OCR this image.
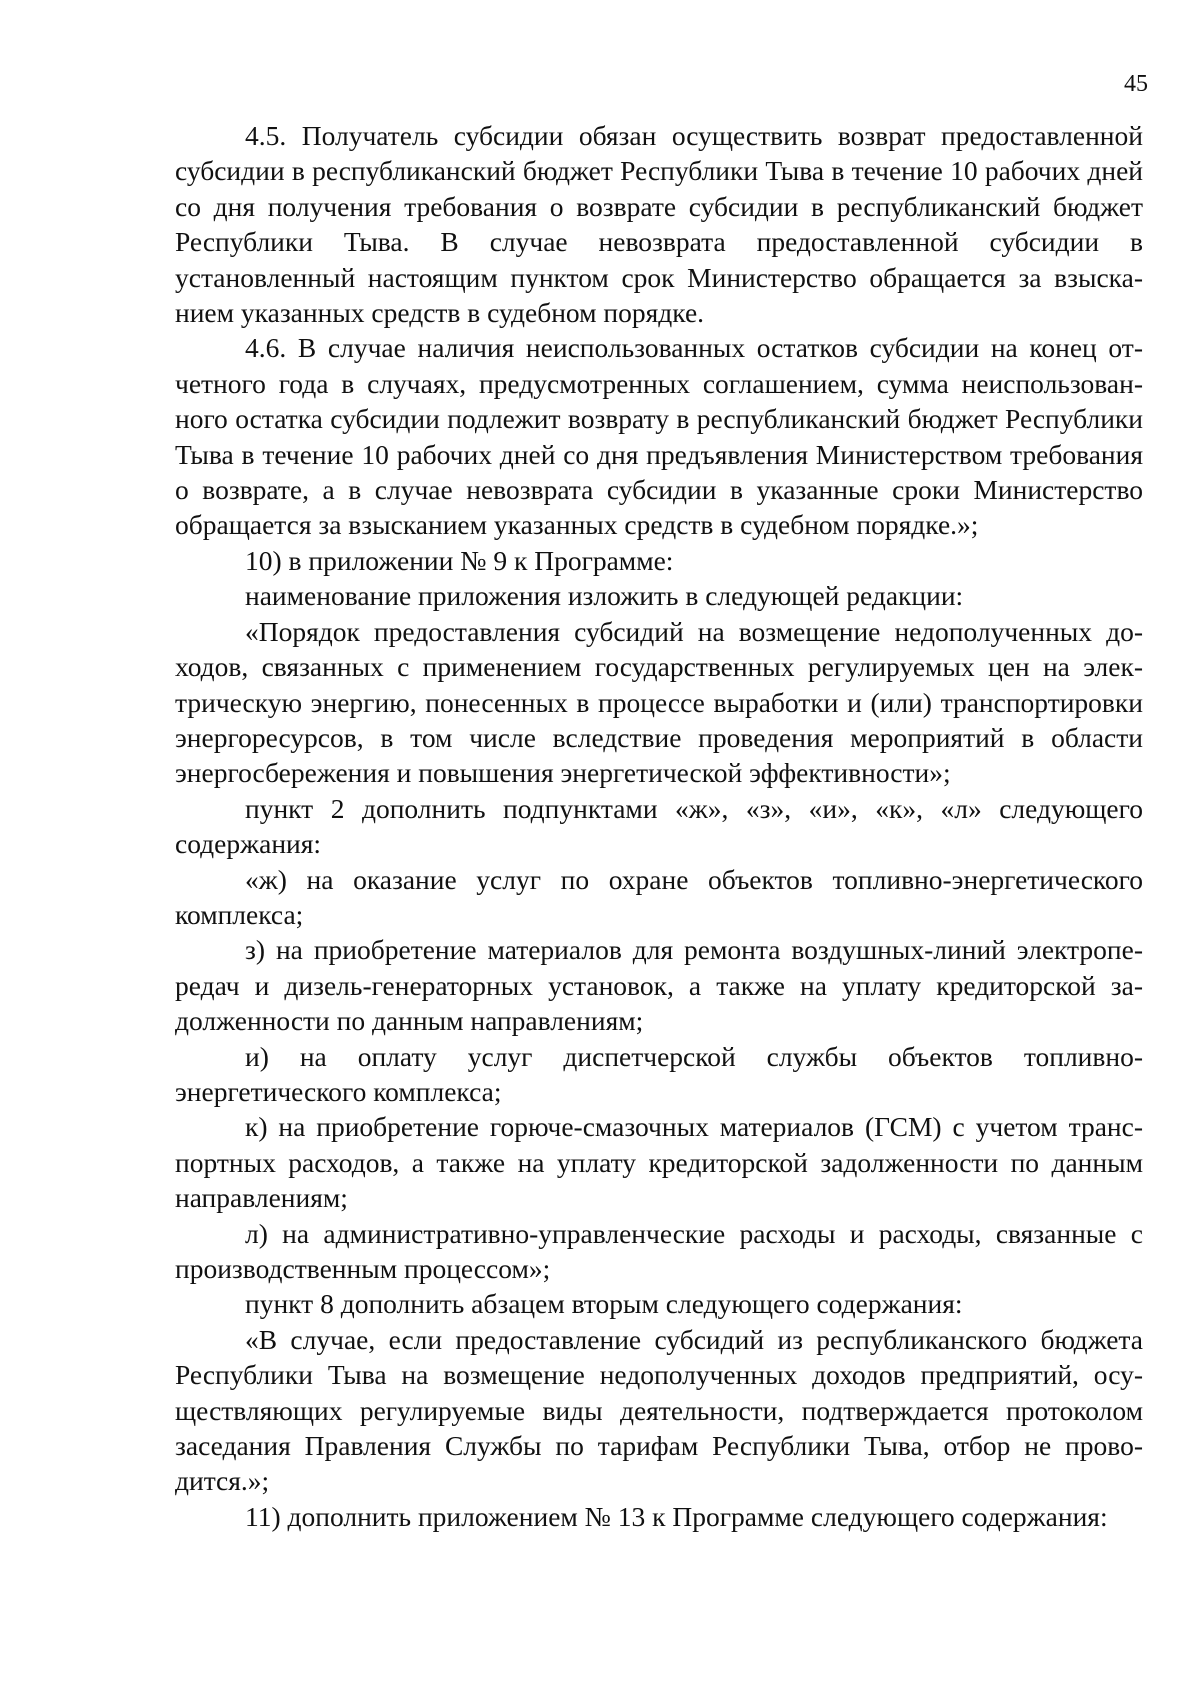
45

4.5. Получатель субсидии обязан осуществить возврат предоставленной субсидии в республиканский бюджет Республики Тыва в течение 10 рабочих дней со дня получения требования о возврате субсидии в республиканский бюджет Республики Тыва. В случае невозврата предоставленной субсидии в установленный настоящим пунктом срок Министерство обращается за взысканием указанных средств в судебном порядке.

4.6. В случае наличия неиспользованных остатков субсидии на конец отчетного года в случаях, предусмотренных соглашением, сумма неиспользованного остатка субсидии подлежит возврату в республиканский бюджет Республики Тыва в течение 10 рабочих дней со дня предъявления Министерством требования о возврате, а в случае невозврата субсидии в указанные сроки Министерство обращается за взысканием указанных средств в судебном порядке.»;

10) в приложении № 9 к Программе:

наименование приложения изложить в следующей редакции:

«Порядок предоставления субсидий на возмещение недополученных доходов, связанных с применением государственных регулируемых цен на электрическую энергию, понесенных в процессе выработки и (или) транспортировки энергоресурсов, в том числе вследствие проведения мероприятий в области энергосбережения и повышения энергетической эффективности»;

пункт 2 дополнить подпунктами «ж», «з», «и», «к», «л» следующего содержания:

«ж) на оказание услуг по охране объектов топливно-энергетического комплекса;

з) на приобретение материалов для ремонта воздушных-линий электропередач и дизель-генераторных установок, а также на уплату кредиторской задолженности по данным направлениям;

и) на оплату услуг диспетчерской службы объектов топливно-энергетического комплекса;

к) на приобретение горюче-смазочных материалов (ГСМ) с учетом транспортных расходов, а также на уплату кредиторской задолженности по данным направлениям;

л) на административно-управленческие расходы и расходы, связанные с производственным процессом»;

пункт 8 дополнить абзацем вторым следующего содержания:

«В случае, если предоставление субсидий из республиканского бюджета Республики Тыва на возмещение недополученных доходов предприятий, осуществляющих регулируемые виды деятельности, подтверждается протоколом заседания Правления Службы по тарифам Республики Тыва, отбор не проводится.»;

11) дополнить приложением № 13 к Программе следующего содержания:
